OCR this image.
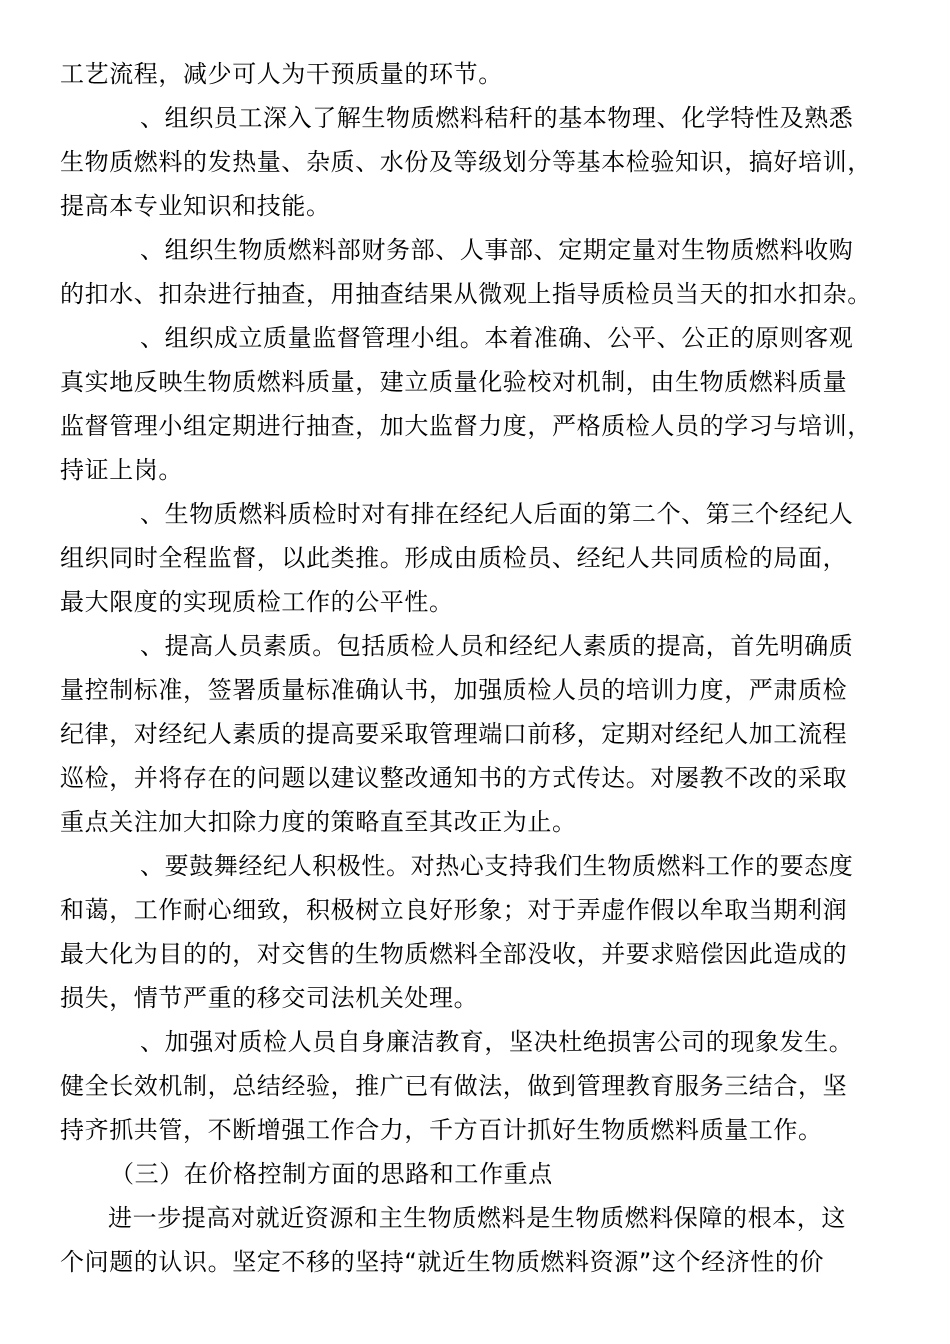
工艺流程，减少可人为干预质量的环节。
、组织员工深入了解生物质燃料秸秆的基本物理、化学特性及熟悉
生物质燃料的发热量、杂质、水份及等级划分等基本检验知识，搞好培训，
提高本专业知识和技能。
、组织生物质燃料部财务部、人事部、定期定量对生物质燃料收购
的扣水、扣杂进行抽查，用抽查结果从微观上指导质检员当天的扣水扣杂。
、组织成立质量监督管理小组。本着准确、公平、公正的原则客观
真实地反映生物质燃料质量，建立质量化验校对机制，由生物质燃料质量
监督管理小组定期进行抽查，加大监督力度，严格质检人员的学习与培训，
持证上岗。
、生物质燃料质检时对有排在经纪人后面的第二个、第三个经纪人
组织同时全程监督，以此类推。形成由质检员、经纪人共同质检的局面，
最大限度的实现质检工作的公平性。
、提高人员素质。包括质检人员和经纪人素质的提高，首先明确质
量控制标准，签署质量标准确认书，加强质检人员的培训力度，严肃质检
纪律，对经纪人素质的提高要采取管理端口前移，定期对经纪人加工流程
巡检，并将存在的问题以建议整改通知书的方式传达。对屡教不改的采取
重点关注加大扣除力度的策略直至其改正为止。
、要鼓舞经纪人积极性。对热心支持我们生物质燃料工作的要态度
和蔼，工作耐心细致，积极树立良好形象；对于弄虚作假以牟取当期利润
最大化为目的的，对交售的生物质燃料全部没收，并要求赔偿因此造成的
损失，情节严重的移交司法机关处理。
、加强对质检人员自身廉洁教育，坚决杜绝损害公司的现象发生。
健全长效机制，总结经验，推广已有做法，做到管理教育服务三结合，坚
持齐抓共管，不断增强工作合力，千方百计抓好生物质燃料质量工作。
（三）在价格控制方面的思路和工作重点
进一步提高对就近资源和主生物质燃料是生物质燃料保障的根本，这
个问题的认识。坚定不移的坚持“就近生物质燃料资源”这个经济性的价
